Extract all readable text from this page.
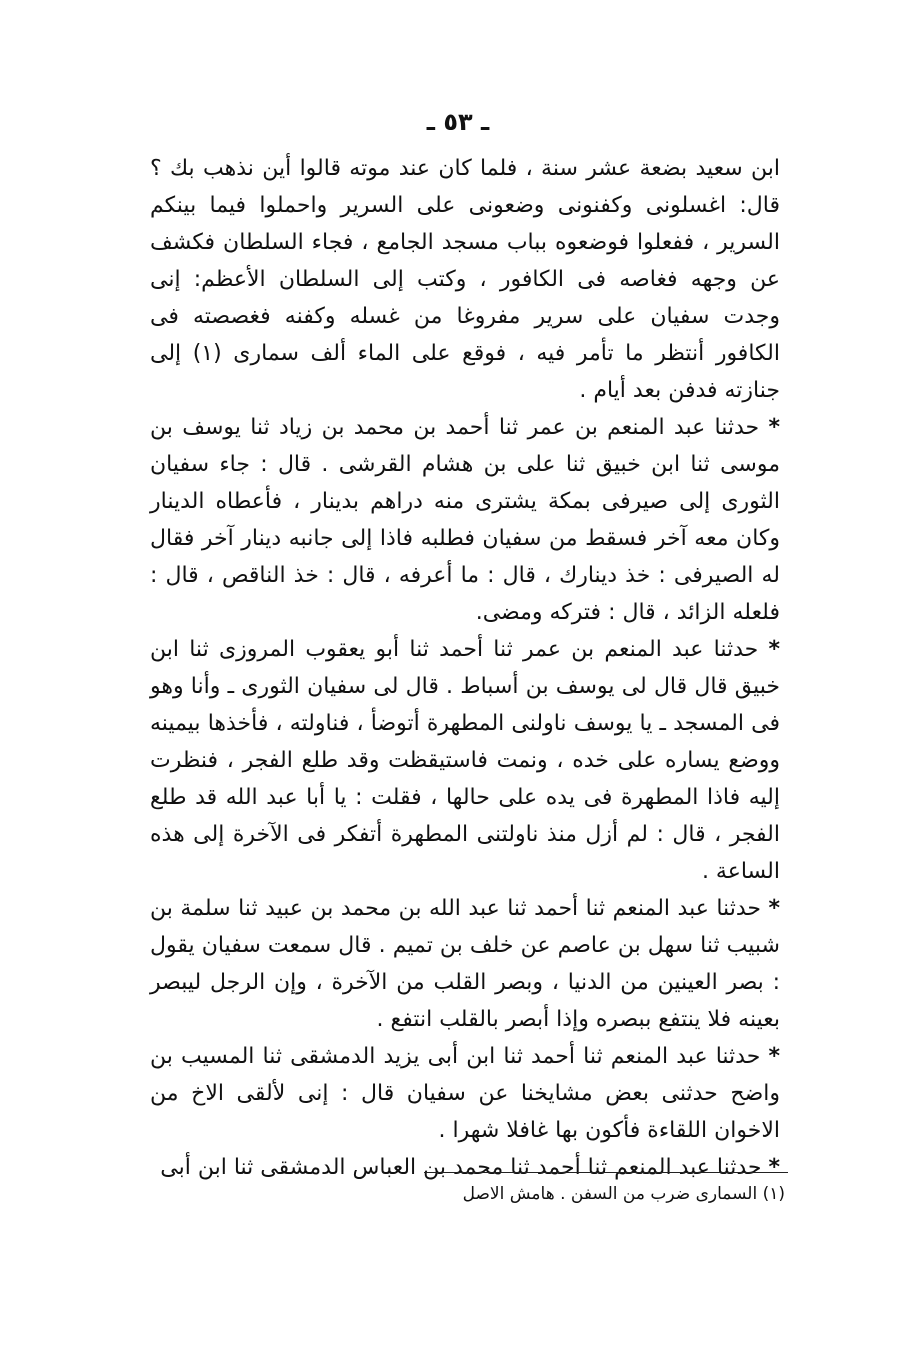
ـ ٥٣ ـ

ابن سعيد بضعة عشر سنة ، فلما كان عند موته قالوا أين نذهب بك ؟ قال: اغسلونى وكفنونى وضعونى على السرير واحملوا فيما بينكم السرير ، ففعلوا فوضعوه بباب مسجد الجامع ، فجاء السلطان فكشف عن وجهه فغاصه فى الكافور ، وكتب إلى السلطان الأعظم: إنى وجدت سفيان على سرير مفروغا من غسله وكفنه فغصصته فى الكافور أنتظر ما تأمر فيه ، فوقع على الماء ألف سمارى (١) إلى جنازته فدفن بعد أيام .

* حدثنا عبد المنعم بن عمر ثنا أحمد بن محمد بن زياد ثنا يوسف بن موسى ثنا ابن خبيق ثنا على بن هشام القرشى . قال : جاء سفيان الثورى إلى صيرفى بمكة يشترى منه دراهم بدينار ، فأعطاه الدينار وكان معه آخر فسقط من سفيان فطلبه فاذا إلى جانبه دينار آخر فقال له الصيرفى : خذ دينارك ، قال : ما أعرفه ، قال : خذ الناقص ، قال : فلعله الزائد ، قال : فتركه ومضى.

* حدثنا عبد المنعم بن عمر ثنا أحمد ثنا أبو يعقوب المروزى ثنا ابن خبيق قال قال لى يوسف بن أسباط . قال لى سفيان الثورى ـ وأنا وهو فى المسجد ـ يا يوسف ناولنى المطهرة أتوضأ ، فناولته ، فأخذها بيمينه ووضع يساره على خده ، ونمت فاستيقظت وقد طلع الفجر ، فنظرت إليه فاذا المطهرة فى يده على حالها ، فقلت : يا أبا عبد الله قد طلع الفجر ، قال : لم أزل منذ ناولتنى المطهرة أتفكر فى الآخرة إلى هذه الساعة .

* حدثنا عبد المنعم ثنا أحمد ثنا عبد الله بن محمد بن عبيد ثنا سلمة بن شبيب ثنا سهل بن عاصم عن خلف بن تميم . قال سمعت سفيان يقول : بصر العينين من الدنيا ، وبصر القلب من الآخرة ، وإن الرجل ليبصر بعينه فلا ينتفع ببصره وإذا أبصر بالقلب انتفع .

* حدثنا عبد المنعم ثنا أحمد ثنا ابن أبى يزيد الدمشقى ثنا المسيب بن واضح حدثنى بعض مشايخنا عن سفيان قال : إنى لألقى الاخ من الاخوان اللقاءة فأكون بها غافلا شهرا .

* حدثنا عبد المنعم ثنا أحمد ثنا محمد بن العباس الدمشقى ثنا ابن أبى

(١) السمارى ضرب من السفن . هامش الاصل
